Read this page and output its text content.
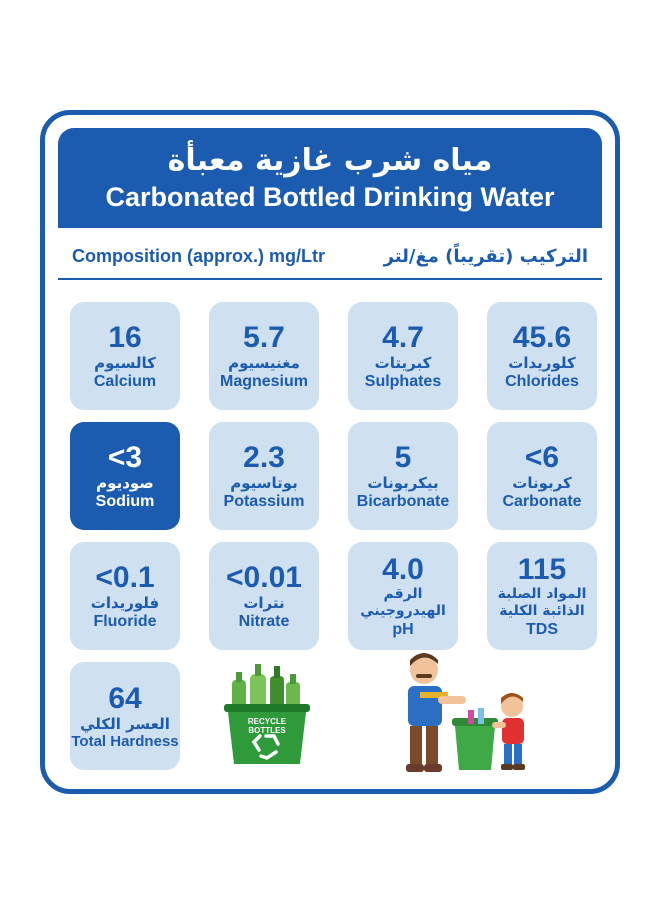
مياه شرب غازية معبأة
Carbonated Bottled Drinking Water
Composition (approx.) mg/Ltr	التركيب (تقريباً) مغ/لتر
16
كالسيوم
Calcium
5.7
مغنيسيوم
Magnesium
4.7
كبريتات
Sulphates
45.6
كلوريدات
Chlorides
<3
صوديوم
Sodium
2.3
بوتاسيوم
Potassium
5
بيكربونات
Bicarbonate
<6
كربونات
Carbonate
<0.1
فلوريدات
Fluoride
<0.01
نترات
Nitrate
4.0
الرقم الهيدروجيني
pH
115
المواد الصلبة الذائبة الكلية
TDS
64
العسر الكلي
Total Hardness
RECYCLE
BOTTLES
